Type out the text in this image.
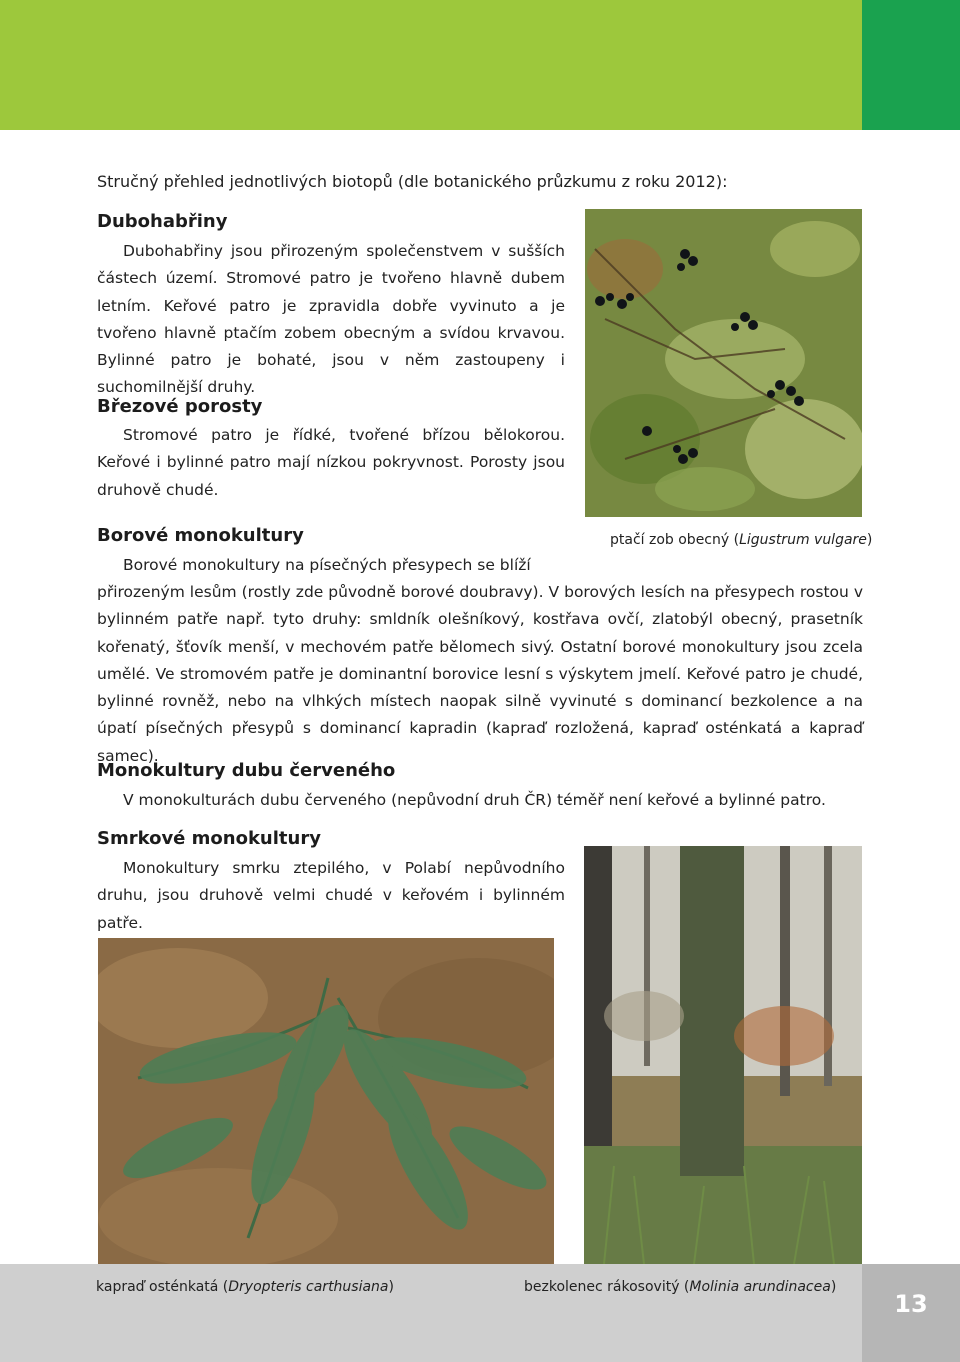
13
Stručný přehled jednotlivých biotopů (dle botanického průzkumu z roku 2012):
Dubohabřiny

Dubohabřiny jsou přirozeným společenstvem v sušších částech území. Stromové patro je tvořeno hlavně dubem letním. Keřové patro je zpravidla dobře vyvinuto a je tvořeno hlavně ptačím zobem obecným a svídou krvavou. Bylinné patro je bohaté, jsou v něm zastoupeny i suchomilnější druhy.

Březové porosty

Stromové patro je řídké, tvořené břízou bělokorou. Keřové i bylinné patro mají nízkou pokryvnost. Porosty jsou druhově chudé.

ptačí zob obecný (Ligustrum vulgare)
Borové monokultury

Borové monokultury na písečných přesypech se blíží

přirozeným lesům (rostly zde původně borové doubravy). V borových lesích na přesypech rostou v bylinném patře např. tyto druhy: smldník olešníkový, kostřava ovčí, zlatobýl obecný, prasetník kořenatý, šťovík menší, v mechovém patře bělomech sivý. Ostatní borové monokultury jsou zcela umělé. Ve stromovém patře je dominantní borovice lesní s výskytem jmelí. Keřové patro je chudé, bylinné rovněž, nebo na vlhkých místech naopak silně vyvinuté s dominancí bezkolence a na úpatí písečných přesypů s dominancí kapradin (kapraď rozložená, kapraď osténkatá a kapraď samec).

Monokultury dubu červeného

V monokulturách dubu červeného (nepůvodní druh ČR) téměř není keřové a bylinné patro.

Smrkové monokultury

Monokultury smrku ztepilého, v Polabí nepůvodního druhu, jsou druhově velmi chudé v keřovém i bylinném patře.

kapraď osténkatá (Dryopteris carthusiana)	bezkolenec rákosovitý (Molinia arundinacea)
